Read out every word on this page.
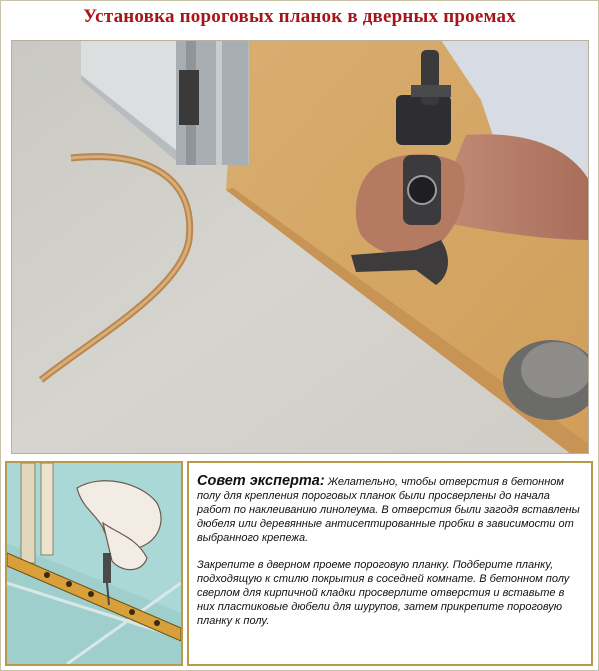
Установка пороговых планок в дверных проемах
Совет эксперта: Желательно, чтобы отверстия в бетонном полу для крепления пороговых планок были просверлены до начала работ по наклеиванию линолеума. В отверстия были загодя вставлены дюбеля или деревянные антисептированные пробки в зависимости от выбранного крепежа.
Закрепите в дверном проеме пороговую планку. Подберите планку, подходящую к стилю покрытия в соседней комнате. В бетонном полу сверлом для кирпичной кладки просверлите отверстия и вставьте в них пластиковые дюбели для шурупов, затем прикрепите пороговую планку к полу.
